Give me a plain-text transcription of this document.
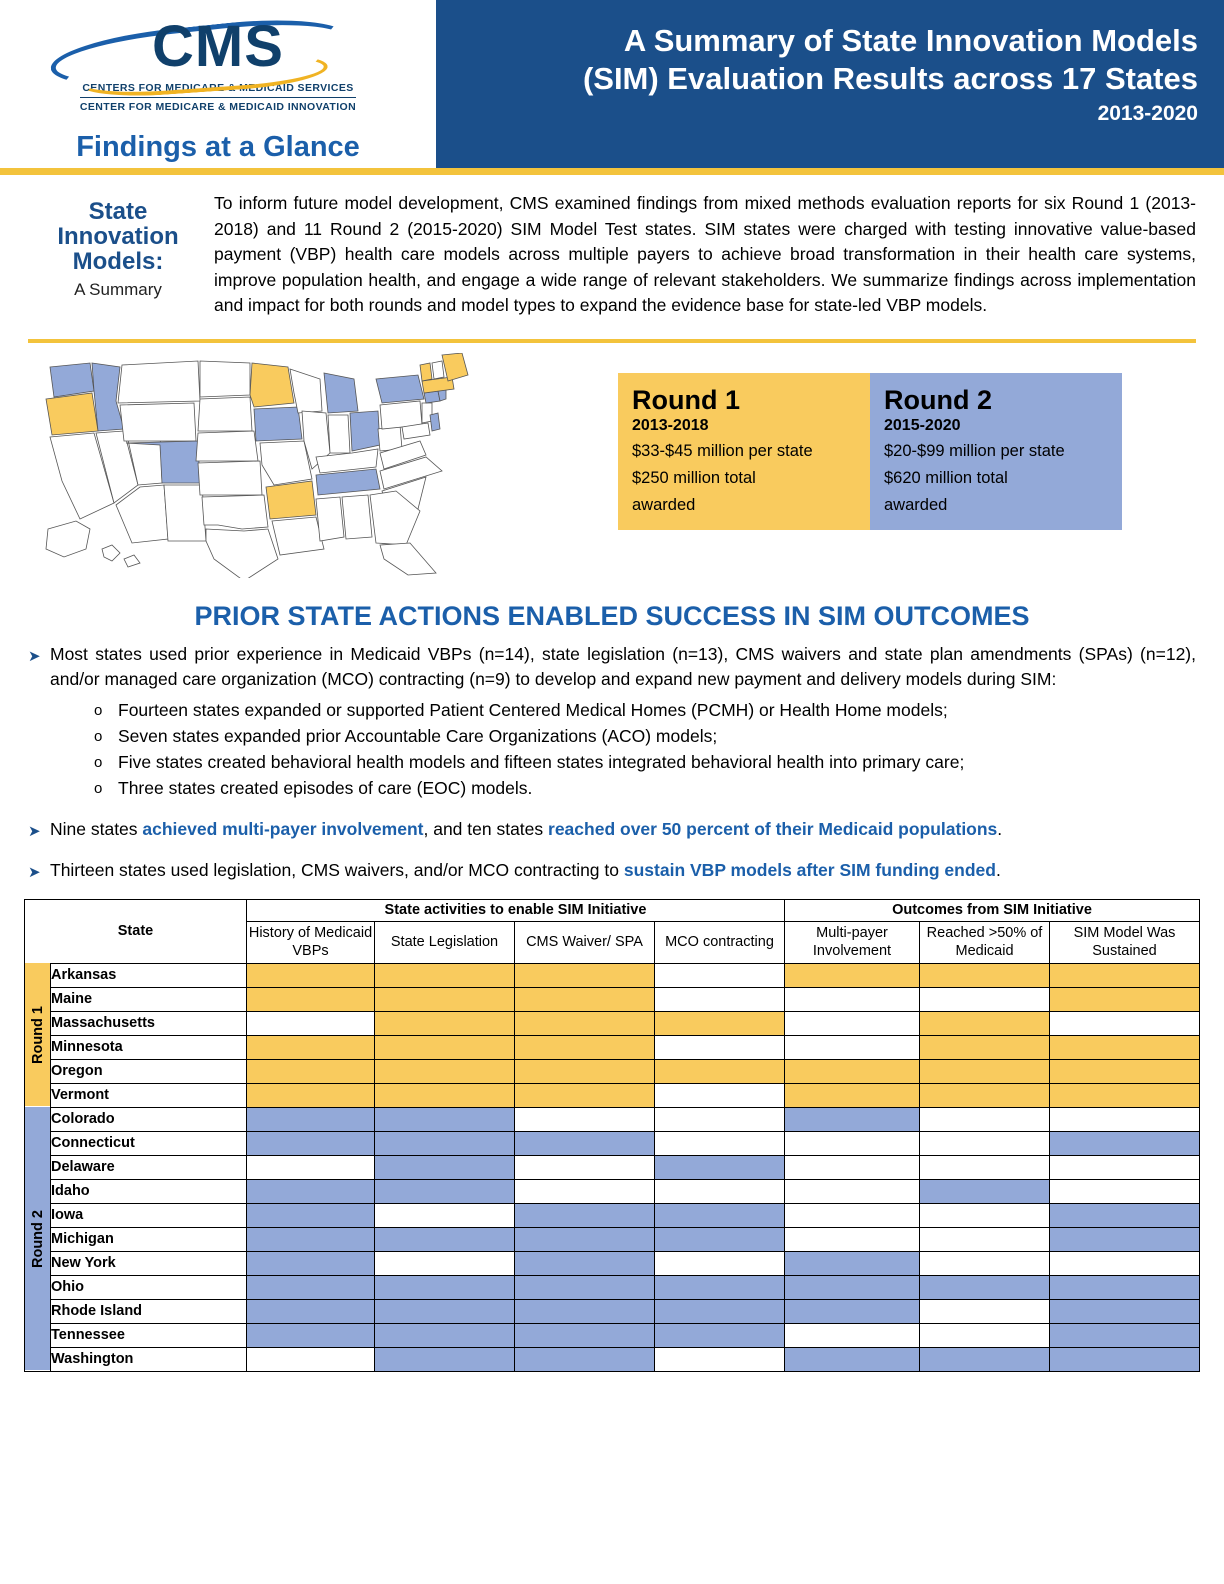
CMS
CENTERS FOR MEDICARE & MEDICAID SERVICES
CENTER FOR MEDICARE & MEDICAID INNOVATION
Findings at a Glance
A Summary of State Innovation Models
(SIM) Evaluation Results across 17 States
2013-2020
State
Innovation
Models:
A Summary
To inform future model development, CMS examined findings from mixed methods evaluation reports for six Round 1 (2013-2018) and 11 Round 2 (2015-2020) SIM Model Test states. SIM states were charged with testing innovative value-based payment (VBP) health care models across multiple payers to achieve broad transformation in their health care systems, improve population health, and engage a wide range of relevant stakeholders. We summarize findings across implementation and impact for both rounds and model types to expand the evidence base for state-led VBP models.
Round 1
2013-2018
$33-$45 million per state
$250 million total
awarded
Round 2
2015-2020
$20-$99 million per state
$620 million total
awarded
PRIOR STATE ACTIONS ENABLED SUCCESS IN SIM OUTCOMES
➤ Most states used prior experience in Medicaid VBPs (n=14), state legislation (n=13), CMS waivers and state plan amendments (SPAs) (n=12), and/or managed care organization (MCO) contracting (n=9) to develop and expand new payment and delivery models during SIM:
o Fourteen states expanded or supported Patient Centered Medical Homes (PCMH) or Health Home models;
o Seven states expanded prior Accountable Care Organizations (ACO) models;
o Five states created behavioral health models and fifteen states integrated behavioral health into primary care;
o Three states created episodes of care (EOC) models.
➤ Nine states achieved multi-payer involvement, and ten states reached over 50 percent of their Medicaid populations.
➤ Thirteen states used legislation, CMS waivers, and/or MCO contracting to sustain VBP models after SIM funding ended.
State		State activities to enable SIM Initiative				Outcomes from SIM Initiative		
		History of Medicaid VBPs	State Legislation	CMS Waiver/ SPA	MCO contracting	Multi-payer Involvement	Reached >50% of Medicaid	SIM Model Was Sustained
Round 1	Arkansas							
	Maine							
	Massachusetts							
	Minnesota							
	Oregon							
	Vermont							
Round 2	Colorado							
	Connecticut							
	Delaware							
	Idaho							
	Iowa							
	Michigan							
	New York							
	Ohio							
	Rhode Island							
	Tennessee							
	Washington							
